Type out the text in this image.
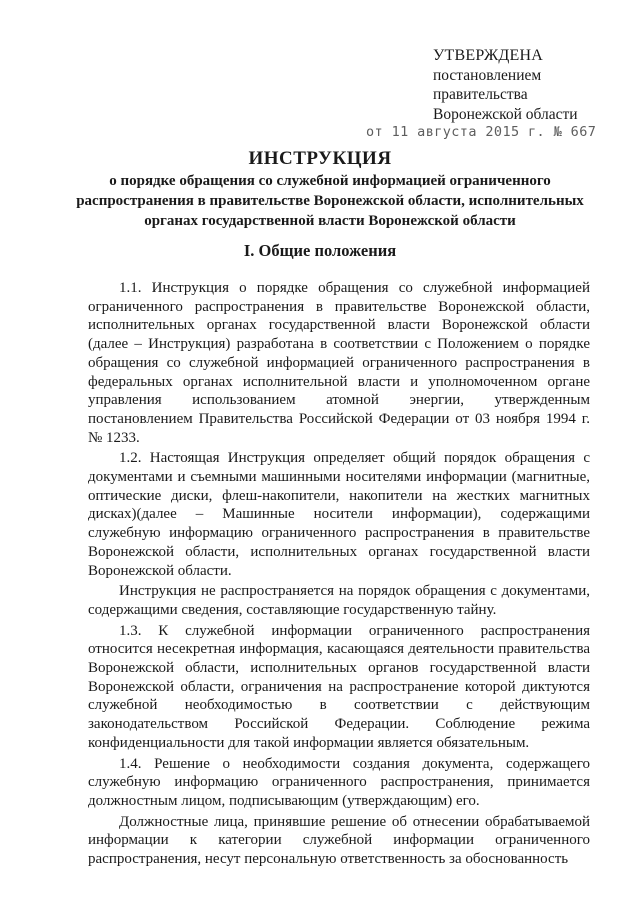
УТВЕРЖДЕНА
постановлением
правительства
Воронежской области
от 11 августа 2015 г. № 667
ИНСТРУКЦИЯ
о порядке обращения со служебной информацией ограниченного распространения в правительстве Воронежской области, исполнительных органах государственной власти Воронежской области
I. Общие положения

1.1. Инструкция о порядке обращения со служебной информацией ограниченного распространения в правительстве Воронежской области, исполнительных органах государственной власти Воронежской области (далее – Инструкция) разработана в соответствии с Положением о порядке обращения со служебной информацией ограниченного распространения в федеральных органах исполнительной власти и уполномоченном органе управления использованием атомной энергии, утвержденным постановлением Правительства Российской Федерации от 03 ноября 1994 г. № 1233.

1.2. Настоящая Инструкция определяет общий порядок обращения с документами и съемными машинными носителями информации (магнитные, оптические диски, флеш-накопители, накопители на жестких магнитных дисках)(далее – Машинные носители информации), содержащими служебную информацию ограниченного распространения в правительстве Воронежской области, исполнительных органах государственной власти Воронежской области.

Инструкция не распространяется на порядок обращения с документами, содержащими сведения, составляющие государственную тайну.

1.3. К служебной информации ограниченного распространения относится несекретная информация, касающаяся деятельности правительства Воронежской области, исполнительных органов государственной власти Воронежской области, ограничения на распространение которой диктуются служебной необходимостью в соответствии с действующим законодательством Российской Федерации. Соблюдение режима конфиденциальности для такой информации является обязательным.

1.4. Решение о необходимости создания документа, содержащего служебную информацию ограниченного распространения, принимается должностным лицом, подписывающим (утверждающим) его.

Должностные лица, принявшие решение об отнесении обрабатываемой информации к категории служебной информации ограниченного распространения, несут персональную ответственность за обоснованность
